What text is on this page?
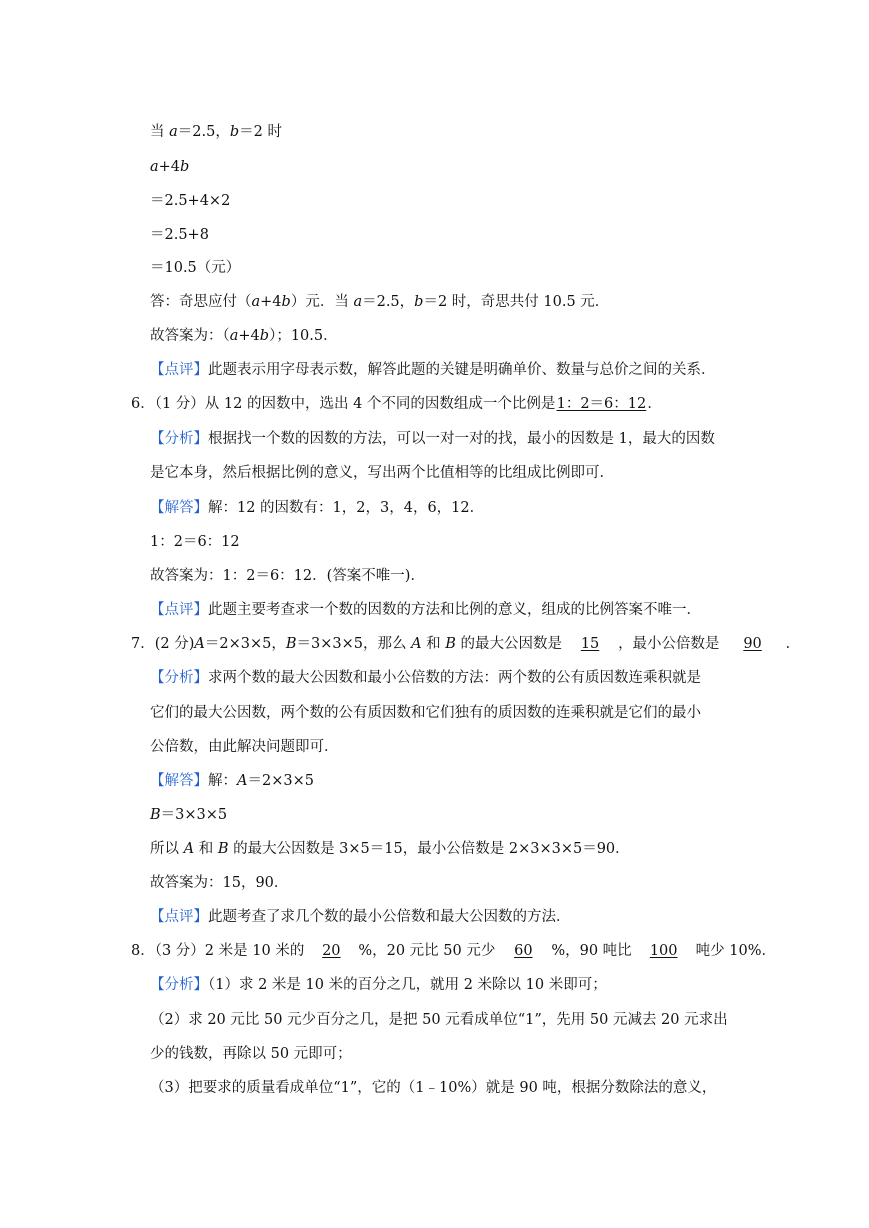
当 a＝2.5，b＝2 时
a+4b
＝2.5+4×2
＝2.5+8
＝10.5（元）
答：奇思应付（a+4b）元．当 a＝2.5，b＝2 时，奇思共付 10.5 元．
故答案为：（a+4b）；10.5．
【点评】此题表示用字母表示数，解答此题的关键是明确单价、数量与总价之间的关系．
6．（1 分）从 12 的因数中，选出 4 个不同的因数组成一个比例是1：2＝6：12．
【分析】根据找一个数的因数的方法，可以一对一对的找，最小的因数是 1，最大的因数
是它本身，然后根据比例的意义，写出两个比值相等的比组成比例即可．
【解答】解：12 的因数有：1，2，3，4，6，12．
1：2＝6：12
故答案为：1：2＝6：12．(答案不唯一)．
【点评】此题主要考查求一个数的因数的方法和比例的意义，组成的比例答案不唯一．
7．(2 分)A＝2×3×5，B＝3×3×5，那么 A 和 B 的最大公因数是 15 ，最小公倍数是 90 ．
【分析】求两个数的最大公因数和最小公倍数的方法：两个数的公有质因数连乘积就是
它们的最大公因数，两个数的公有质因数和它们独有的质因数的连乘积就是它们的最小
公倍数，由此解决问题即可．
【解答】解：A＝2×3×5
B＝3×3×5
所以 A 和 B 的最大公因数是 3×5＝15，最小公倍数是 2×3×3×5＝90．
故答案为：15，90．
【点评】此题考查了求几个数的最小公倍数和最大公因数的方法．
8．（3 分）2 米是 10 米的 20 %，20 元比 50 元少 60 %，90 吨比 100 吨少 10%．
【分析】（1）求 2 米是 10 米的百分之几，就用 2 米除以 10 米即可；
（2）求 20 元比 50 元少百分之几，是把 50 元看成单位“1”，先用 50 元减去 20 元求出
少的钱数，再除以 50 元即可；
（3）把要求的质量看成单位“1”，它的（1﹣10%）就是 90 吨，根据分数除法的意义，
